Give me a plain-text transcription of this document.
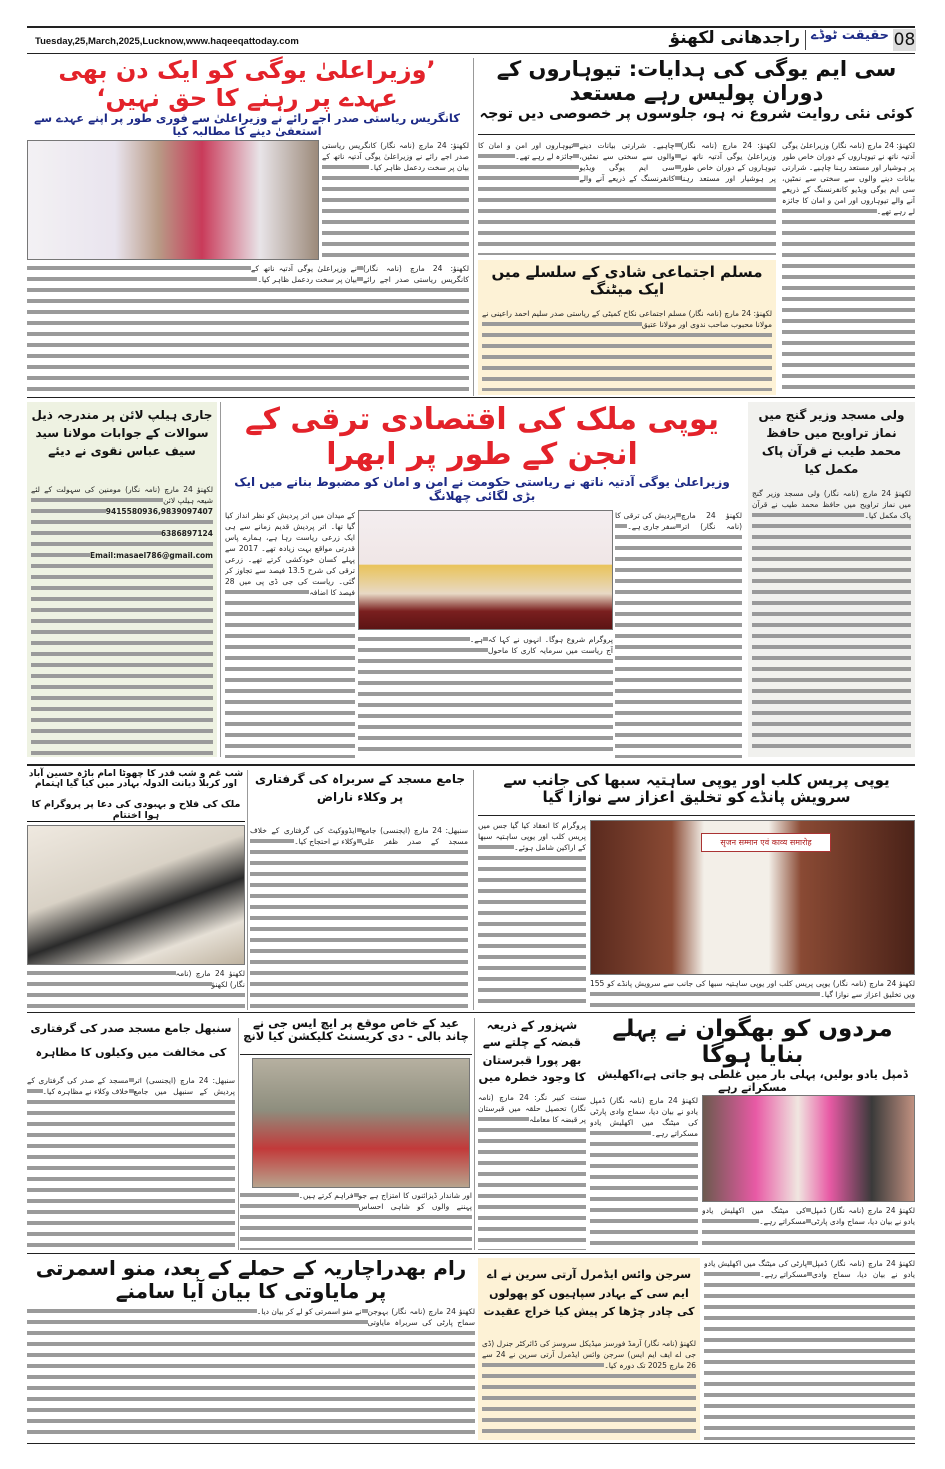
08
حقیقت ٹوڈے
راجدھانی لکھنؤ
Tuesday,25,March,2025,Lucknow,www.haqeeqattoday.com
’وزیراعلیٰ یوگی کو ایک دن بھی عہدے پر رہنے کا حق نہیں‘
کانگریس ریاستی صدر اجے رائے نے وزیراعلیٰ سے فوری طور پر اپنے عہدے سے استعفیٰ دینے کا مطالبہ کیا
لکھنؤ: 24 مارچ (نامہ نگار) کانگریس ریاستی صدر اجے رائے نے وزیراعلیٰ یوگی آدتیہ ناتھ کے بیان پر سخت ردعمل ظاہر کیا۔
لکھنؤ: 24 مارچ (نامہ نگار) کانگریس ریاستی صدر اجے رائے نے وزیراعلیٰ یوگی آدتیہ ناتھ کے بیان پر سخت ردعمل ظاہر کیا۔
سی ایم یوگی کی ہدایات: تیوہاروں کے دوران پولیس رہے مستعد
کوئی نئی روایت شروع نہ ہو، جلوسوں پر خصوصی دیں توجہ
لکھنؤ: 24 مارچ (نامہ نگار) وزیراعلیٰ یوگی آدتیہ ناتھ نے تیوہاروں کے دوران خاص طور پر ہوشیار اور مستعد رہنا چاہیے۔ شرارتی بیانات دینے والوں سے سختی سے نمٹیں، سی ایم یوگی ویڈیو کانفرنسنگ کے ذریعے آنے والے تیوہاروں اور امن و امان کا جائزہ لے رہے تھے۔
لکھنؤ: 24 مارچ (نامہ نگار) وزیراعلیٰ یوگی آدتیہ ناتھ نے تیوہاروں کے دوران خاص طور پر ہوشیار اور مستعد رہنا چاہیے۔ شرارتی بیانات دینے والوں سے سختی سے نمٹیں، سی ایم یوگی ویڈیو کانفرنسنگ کے ذریعے آنے والے تیوہاروں اور امن و امان کا جائزہ لے رہے تھے۔
مسلم اجتماعی شادی کے سلسلے میں ایک میٹنگ
لکھنؤ: 24 مارچ (نامہ نگار) مسلم اجتماعی نکاح کمیٹی کے ریاستی صدر سلیم احمد راعینی نے مولانا محبوب صاحب ندوی اور مولانا عتیق
جاری ہیلپ لائن پر مندرجہ ذیل سوالات کے جوابات مولانا سید سیف عباس نقوی نے دیئے
لکھنؤ 24 مارچ (نامہ نگار) مومنین کی سہولت کے لئے شیعہ ہیلپ لائن
9415580936,9839097407

6386897124

Email:masael786@gmail.com
یوپی ملک کی اقتصادی ترقی کے انجن کے طور پر ابھرا
وزیراعلیٰ یوگی آدتیہ ناتھ نے ریاستی حکومت نے امن و امان کو مضبوط بنانے میں ایک بڑی لگائی چھلانگ
لکھنؤ 24 مارچ (نامہ نگار) اتر پردیش کی ترقی کا سفر جاری ہے۔
کے میدان میں اتر پردیش کو نظر انداز کیا گیا تھا۔ اتر پردیش قدیم زمانے سے ہی ایک زرعی ریاست رہا ہے، ہمارے پاس قدرتی مواقع بہت زیادہ تھے۔ 2017 سے پہلے کسان خودکشی کرتے تھے۔ زرعی ترقی کی شرح 13.5 فیصد سے تجاوز کر گئی۔ ریاست کی جی ڈی پی میں 28 فیصد کا اضافہ
پروگرام شروع ہوگا۔ انہوں نے کہا کہ آج ریاست میں سرمایہ کاری کا ماحول ہے۔
ولی مسجد وزیر گنج میں نماز تراویح میں حافظ محمد طیب نے قرآن پاک مکمل کیا
لکھنؤ 24 مارچ (نامہ نگار) ولی مسجد وزیر گنج میں نماز تراویح میں حافظ محمد طیب نے قرآن پاک مکمل کیا۔
شب غم و شب قدر کا چھوٹا امام باڑہ حسین آباد اور کربلا دیانت الدولہ بہادر میں کیا گیا اہتمام
ملک کی فلاح و بہبودی کی دعا پر پروگرام کا ہوا اختتام
لکھنؤ 24 مارچ (نامہ نگار) لکھنؤ
جامع مسجد کے سربراہ کی گرفتاری پر وکلاء ناراض
سنبھل: 24 مارچ (ایجنسی) جامع مسجد کے صدر ظفر علی ایڈووکیٹ کی گرفتاری کے خلاف وکلاء نے احتجاج کیا۔
یوپی پریس کلب اور یوپی ساہتیہ سبھا کی جانب سے سرویش پانڈے کو تخلیق اعزاز سے نوازا گیا
پروگرام کا انعقاد کیا گیا جس میں پریس کلب اور یوپی ساہتیہ سبھا کے اراکین شامل ہوئے۔
सृजन सम्मान एवं काव्य समारोह
لکھنؤ 24 مارچ (نامہ نگار) یوپی پریس کلب اور یوپی ساہتیہ سبھا کی جانب سے سرویش پانڈے کو 155 ویں تخلیق اعزاز سے نوازا گیا۔
سنبھل جامع مسجد صدر کی گرفتاری
کی مخالفت میں وکیلوں کا مظاہرہ
سنبھل: 24 مارچ (ایجنسی) اتر پردیش کے سنبھل میں جامع مسجد کے صدر کی گرفتاری کے خلاف وکلاء نے مظاہرہ کیا۔
عید کے خاص موقع پر ایچ ایس جی نے چاند بالی - دی کریسنٹ کلیکشن کیا لانچ
اور شاندار ڈیزائنوں کا امتزاج ہے جو پہننے والوں کو شاہی احساس فراہم کرتے ہیں۔
شہزور کے ذریعہ قبضہ کے چلتے سے بھر پورا قبرستان کا وجود خطرہ میں
سنت کبیر نگر: 24 مارچ (نامہ نگار) تحصیل حلقہ میں قبرستان پر قبضہ کا معاملہ
مردوں کو بھگوان نے پہلے بنایا ہوگا
ڈمپل یادو بولیں، پہلی بار میں غلطی ہو جاتی ہے،اکھلیش مسکراتے رہے
لکھنؤ 24 مارچ (نامہ نگار) ڈمپل یادو نے بیان دیا، سماج وادی پارٹی کی میٹنگ میں اکھلیش یادو مسکراتے رہے۔
لکھنؤ 24 مارچ (نامہ نگار) ڈمپل یادو نے بیان دیا، سماج وادی پارٹی کی میٹنگ میں اکھلیش یادو مسکراتے رہے۔
رام بھدراچاریہ کے حملے کے بعد، منو اسمرتی پر مایاوتی کا بیان آیا سامنے
لکھنؤ 24 مارچ (نامہ نگار) بہوجن سماج پارٹی کی سربراہ مایاوتی نے منو اسمرتی کو لے کر بیان دیا۔
سرجن وائس ایڈمرل آرتی سرین نے اے ایم سی کے بہادر سپاہیوں کو پھولوں کی چادر چڑھا کر پیش کیا خراج عقیدت
لکھنؤ (نامہ نگار) آرمڈ فورسز میڈیکل سروسز کی ڈائرکٹر جنرل (ڈی جی اے ایف ایم ایس) سرجن وائس ایڈمرل آرتی سرین نے 24 سے 26 مارچ 2025 تک دورہ کیا۔
لکھنؤ 24 مارچ (نامہ نگار) ڈمپل یادو نے بیان دیا، سماج وادی پارٹی کی میٹنگ میں اکھلیش یادو مسکراتے رہے۔
